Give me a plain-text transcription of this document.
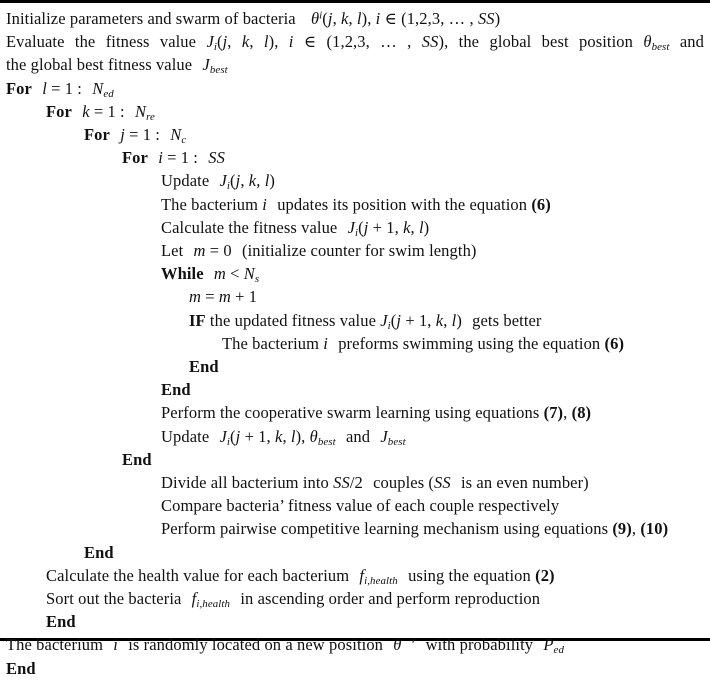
Initialize parameters and swarm of bacteria $\theta^i(j$, k, l), i ∈ (1,2,3, … , SS)
Evaluate the fitness value $J_i(j$, k, l), i ∈ (1,2,3, … , SS), the global best position $\theta_{best}$ and
the global best fitness value $J_{best}$
For l = 1 : $N_{ed}$
For k = 1 : $N_{re}$
For j = 1 : $N_c$
For i = 1 : SS
Update $J_i(j$, k, l)
The bacterium i updates its position with the equation (6)
Calculate the fitness value $J_i(j + 1$, k, l)
Let m = 0 (initialize counter for swim length)
While $m < N_s$
m = m + 1
IF the updated fitness value $J_i(j + 1$, k, l) gets better
The bacterium i preforms swimming using the equation (6)
End
End
Perform the cooperative swarm learning using equations (7), (8)
Update $J_i(j + 1$, k, l), $\theta_{best}$ and $J_{best}$
End
Divide all bacterium into SS/2 couples (SS is an even number)
Compare bacteria’ fitness value of each couple respectively
Perform pairwise competitive learning mechanism using equations (9), (10)
End
Calculate the health value for each bacterium $f_{i,health}$ using the equation (2)
Sort out the bacteria $f_{i,health}$ in ascending order and perform reproduction
End
The bacterium i is randomly located on a new position θ ′ with probability $P_{ed}$
End
